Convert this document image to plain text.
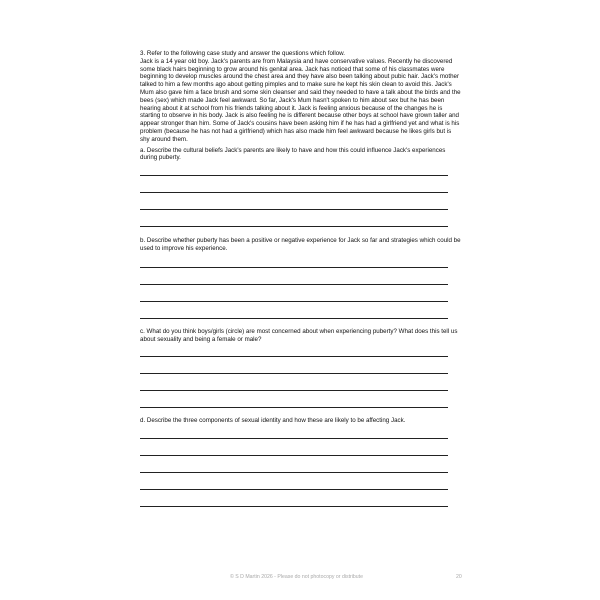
3. Refer to the following case study and answer the questions which follow.
Jack is a 14 year old boy. Jack's parents are from Malaysia and have conservative values. Recently he discovered some black hairs beginning to grow around his genital area. Jack has noticed that some of his classmates were beginning to develop muscles around the chest area and they have also been talking about pubic hair. Jack's mother talked to him a few months ago about getting pimples and to make sure he kept his skin clean to avoid this. Jack's Mum also gave him a face brush and some skin cleanser and said they needed to have a talk about the birds and the bees (sex) which made Jack feel awkward. So far, Jack's Mum hasn't spoken to him about sex but he has been hearing about it at school from his friends talking about it. Jack is feeling anxious because of the changes he is starting to observe in his body. Jack is also feeling he is different because other boys at school have grown taller and appear stronger than him. Some of Jack's cousins have been asking him if he has had a girlfriend yet and what is his problem (because he has not had a girlfriend) which has also made him feel awkward because he likes girls but is shy around them.

a. Describe the cultural beliefs Jack's parents are likely to have and how this could influence Jack's experiences during puberty.

b. Describe whether puberty has been a positive or negative experience for Jack so far and strategies which could be used to improve his experience.

c. What do you think boys/girls (circle) are most concerned about when experiencing puberty? What does this tell us about sexuality and being a female or male?

d. Describe the three components of sexual identity and how these are likely to be affecting Jack.

© S D Martin 2026 - Please do not photocopy or distribute	20
